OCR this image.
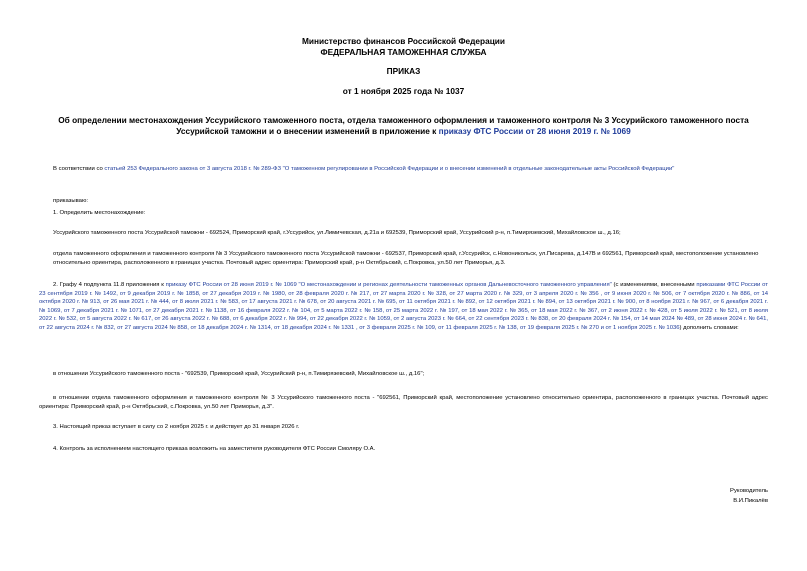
Министерство финансов Российской Федерации
ФЕДЕРАЛЬНАЯ ТАМОЖЕННАЯ СЛУЖБА
ПРИКАЗ
от 1 ноября 2025 года № 1037
Об определении местонахождения Уссурийского таможенного поста, отдела таможенного оформления и таможенного контроля № 3 Уссурийского таможенного поста Уссурийской таможни и о внесении изменений в приложение к приказу ФТС России от 28 июня 2019 г. № 1069
В соответствии со статьей 253 Федерального закона от 3 августа 2018 г. № 289-ФЗ "О таможенном регулировании в Российской Федерации и о внесении изменений в отдельные законодательные акты Российской Федерации"
приказываю:
1. Определить местонахождение:
Уссурийского таможенного поста Уссурийской таможни - 692524, Приморский край, г.Уссурийск, ул.Лимичевская, д.21а и 692539, Приморский край, Уссурийский р-н, п.Тимирязевский, Михайловское ш., д.16;
отдела таможенного оформления и таможенного контроля № 3 Уссурийского таможенного поста Уссурийской таможни - 692537, Приморский край, г.Уссурийск, с.Новоникольск, ул.Писарева, д.147В и 692561, Приморский край, местоположение установлено относительно ориентира, расположенного в границах участка. Почтовый адрес ориентира: Приморский край, р-н Октябрьский, с.Покровка, ул.50 лет Приморья, д.3.
2. Графу 4 подпункта 11.8 приложения к приказу ФТС России от 28 июня 2019 г. № 1069 "О местонахождении и регионах деятельности таможенных органов Дальневосточного таможенного управления" (с изменениями, внесенными приказами ФТС России от 23 сентября 2019 г. № 1492, от 9 декабря 2019 г. № 1858, от 27 декабря 2019 г. № 1980, от 28 февраля 2020 г. № 217, от 27 марта 2020 г. № 328, от 27 марта 2020 г. № 329, от 3 апреля 2020 г. № 356 , от 9 июня 2020 г. № 506, от 7 октября 2020 г. № 886, от 14 октября 2020 г. № 913, от 26 мая 2021 г. № 444, от 8 июля 2021 г. № 583, от 17 августа 2021 г. № 678, от 20 августа 2021 г. № 695, от 11 октября 2021 г. № 892, от 12 октября 2021 г. № 894, от 13 октября 2021 г. № 900, от 8 ноября 2021 г. № 967, от 6 декабря 2021 г. № 1069, от 7 декабря 2021 г. № 1071, от 27 декабря 2021 г. № 1138, от 16 февраля 2022 г. № 104, от 5 марта 2022 г. № 158, от 25 марта 2022 г. № 197, от 18 мая 2022 г. № 365, от 18 мая 2022 г. № 367, от 2 июня 2022 г. № 428, от 5 июля 2022 г. № 521, от 8 июля 2022 г. № 532, от 5 августа 2022 г. № 617, от 26 августа 2022 г. № 688, от 6 декабря 2022 г. № 994, от 22 декабря 2022 г. № 1059, от 2 августа 2023 г. № 664, от 22 сентября 2023 г. № 838, от 20 февраля 2024 г. № 154, от 14 мая 2024 № 489, от 28 июня 2024 г. № 641, от 22 августа 2024 г. № 832, от 27 августа 2024 № 858, от 18 декабря 2024 г. № 1314, от 18 декабря 2024 г. № 1331 , от 3 февраля 2025 г. № 109, от 11 февраля 2025 г. № 138, от 19 февраля 2025 г. № 270 и от 1 ноября 2025 г. № 1036) дополнить словами:
в отношении Уссурийского таможенного поста - "692539, Приморский край, Уссурийский р-н, п.Тимирязевский, Михайловское ш., д.16";
в отношении отдела таможенного оформления и таможенного контроля № 3 Уссурийского таможенного поста - "692561, Приморский край, местоположение установлено относительно ориентира, расположенного в границах участка. Почтовый адрес ориентира: Приморский край, р-н Октябрьский, с.Покровка, ул.50 лет Приморья, д.3".
3. Настоящий приказ вступает в силу со 2 ноября 2025 г. и действует до 31 января 2026 г.
4. Контроль за исполнением настоящего приказа возложить на заместителя руководителя ФТС России Смоляру О.А.
Руководитель
В.И.Пикалёв
